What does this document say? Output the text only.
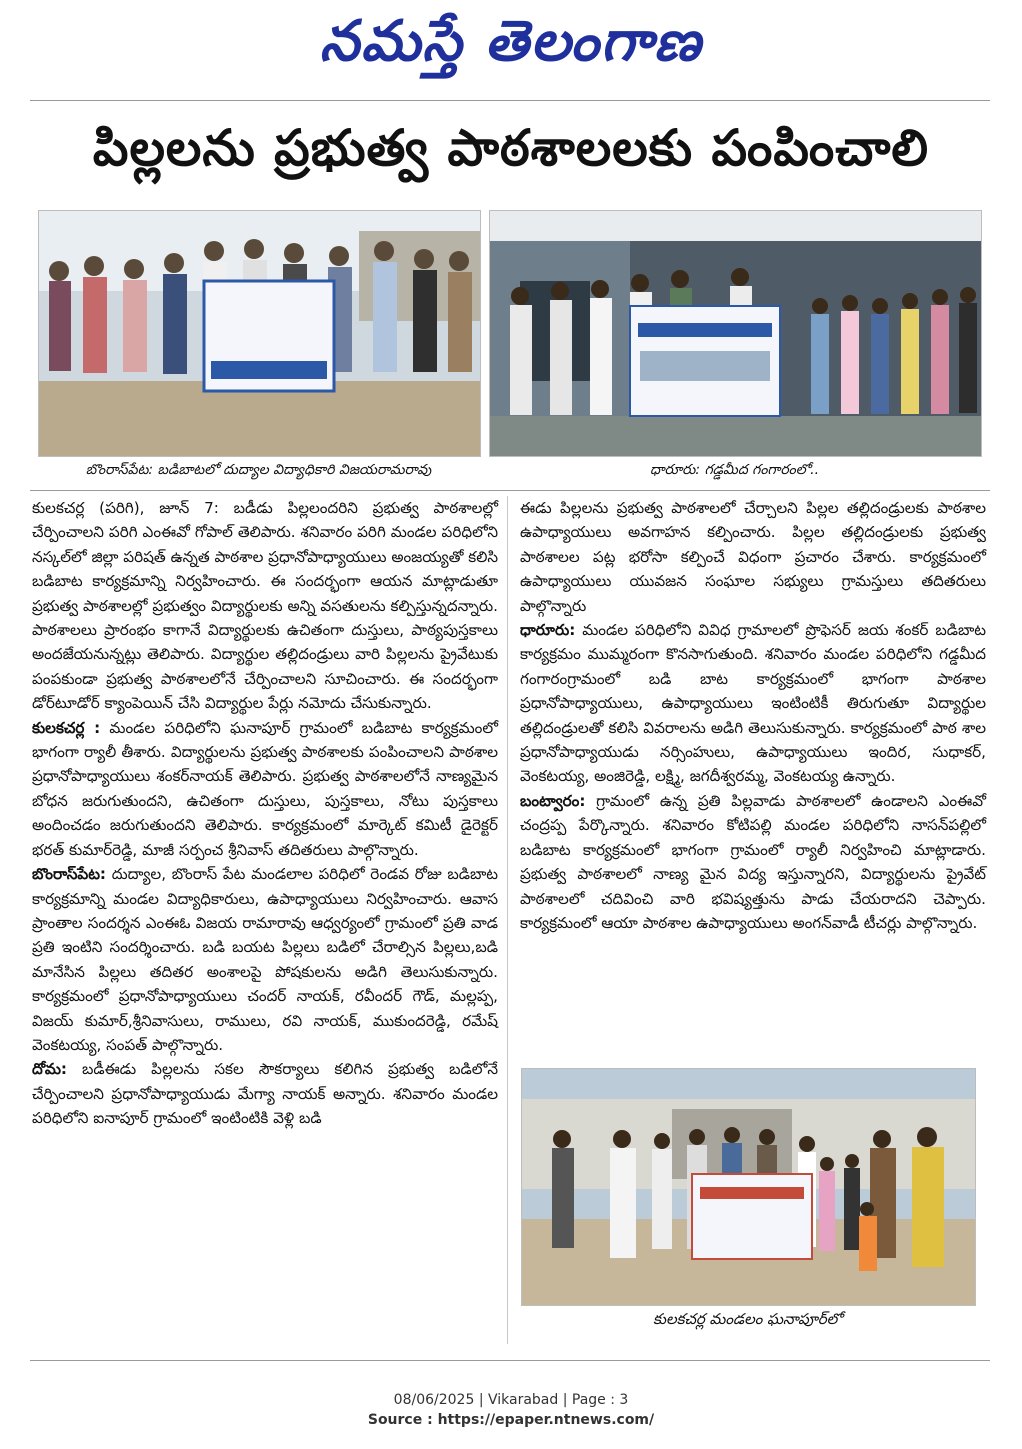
నమస్తే తెలంగాణ
పిల్లలను ప్రభుత్వ పాఠశాలలకు పంపించాలి
బొంరాస్‌పేట: బడిబాటలో దుద్యాల విద్యాధికారి విజయరామరావు	ధారూరు: గడ్డమీద గంగారంలో..

కులకచర్ల (పరిగి), జూన్ 7: బడీడు పిల్లలందరిని ప్రభుత్వ పాఠశాలల్లో చేర్పించాలని పరిగి ఎంఈవో గోపాల్ తెలిపారు. శనివారం పరిగి మండల పరిధిలోని నస్కల్‌లో జిల్లా పరిషత్ ఉన్నత పాఠశాల ప్రధానోపాధ్యాయులు అంజయ్యతో కలిసి బడిబాట కార్యక్రమాన్ని నిర్వహించారు. ఈ సందర్భంగా ఆయన మాట్లాడుతూ ప్రభుత్వ పాఠశాలల్లో ప్రభుత్వం విద్యార్థులకు అన్ని వసతులను కల్పిస్తున్నదన్నారు. పాఠశాలలు ప్రారంభం కాగానే విద్యార్థులకు ఉచితంగా దుస్తులు, పాఠ్యపుస్తకాలు అందజేయనున్నట్లు తెలిపారు. విద్యార్థుల తల్లిదండ్రులు వారి పిల్లలను ప్రైవేటుకు పంపకుండా ప్రభుత్వ పాఠశాలలోనే చేర్పించాలని సూచించారు. ఈ సందర్భంగా డోర్‌టూడోర్ క్యాంపెయిన్ చేసి విద్యార్థుల పేర్లు నమోదు చేసుకున్నారు.

కులకచర్ల : మండల పరిధిలోని ఘనాపూర్ గ్రామంలో బడిబాట కార్యక్రమంలో భాగంగా ర్యాలీ తీశారు. విద్యార్థులను ప్రభుత్వ పాఠశాలకు పంపించాలని పాఠశాల ప్రధానోపాధ్యాయులు శంకర్‌నాయక్ తెలిపారు. ప్రభుత్వ పాఠశాలలోనే నాణ్యమైన బోధన జరుగుతుందని, ఉచితంగా దుస్తులు, పుస్తకాలు, నోటు పుస్తకాలు అందించడం జరుగుతుందని తెలిపారు. కార్యక్రమంలో మార్కెట్ కమిటీ డైరెక్టర్ భరత్ కుమార్‌రెడ్డి, మాజీ సర్పంచ శ్రీనివాస్ తదితరులు పాల్గొన్నారు.

బొంరాస్‌పేట: దుద్యాల, బొంరాస్ పేట మండలాల పరిధిలో రెండవ రోజు బడిబాట కార్యక్రమాన్ని మండల విద్యాధికారులు, ఉపాధ్యాయులు నిర్వహించారు. ఆవాస ప్రాంతాల సందర్శన ఎంఈఓ విజయ రామారావు ఆధ్వర్యంలో గ్రామంలో ప్రతి వాడ ప్రతి ఇంటిని సందర్శించారు. బడి బయట పిల్లలు బడిలో చేరాల్సిన పిల్లలు,బడి మానేసిన పిల్లలు తదితర అంశాలపై పోషకులను అడిగి తెలుసుకున్నారు. కార్యక్రమంలో ప్రధానోపాధ్యాయులు చందర్ నాయక్, రవీందర్ గౌడ్, మల్లప్ప, విజయ్ కుమార్,శ్రీనివాసులు, రాములు, రవి నాయక్, ముకుందరెడ్డి, రమేష్ వెంకటయ్య, సంపత్ పాల్గొన్నారు.

దోమ: బడీఈడు పిల్లలను సకల సౌకర్యాలు కలిగిన ప్రభుత్వ బడిలోనే చేర్పించాలని ప్రధానోపాధ్యాయుడు మేగ్యా నాయక్ అన్నారు. శనివారం మండల పరిధిలోని ఐనాపూర్ గ్రామంలో ఇంటింటికి వెళ్లి బడి

ఈడు పిల్లలను ప్రభుత్వ పాఠశాలలో చేర్చాలని పిల్లల తల్లిదండ్రులకు పాఠశాల ఉపాధ్యాయులు అవగాహన కల్పించారు. పిల్లల తల్లిదండ్రులకు ప్రభుత్వ పాఠశాలల పట్ల భరోసా కల్పించే విధంగా ప్రచారం చేశారు. కార్యక్రమంలో ఉపాధ్యాయులు యువజన సంఘాల సభ్యులు గ్రామస్తులు తదితరులు పాల్గొన్నారు

ధారూరు: మండల పరిధిలోని వివిధ గ్రామాలలో ప్రొఫెసర్ జయ శంకర్ బడిబాట కార్యక్రమం ముమ్మరంగా కొనసాగుతుంది. శనివారం మండల పరిధిలోని గడ్డమీద గంగారంగ్రామంలో బడి బాట కార్యక్రమంలో భాగంగా పాఠశాల ప్రధానోపాధ్యాయులు, ఉపాధ్యాయులు ఇంటింటికీ తిరుగుతూ విద్యార్థుల తల్లిదండ్రులతో కలిసి వివరాలను అడిగి తెలుసుకున్నారు. కార్యక్రమంలో పాఠ శాల ప్రధానోపాధ్యాయుడు నర్సింహులు, ఉపాధ్యాయులు ఇందిర, సుధాకర్, వెంకటయ్య, అంజిరెడ్డి, లక్ష్మి, జగదీశ్వరమ్మ, వెంకటయ్య ఉన్నారు.

బంట్వారం: గ్రామంలో ఉన్న ప్రతి పిల్లవాడు పాఠశాలలో ఉండాలని ఎంఈవో చంద్రప్ప పేర్కొన్నారు. శనివారం కోటిపల్లి మండల పరిధిలోని నాసన్‌పల్లిలో బడిబాట కార్యక్రమంలో భాగంగా గ్రామంలో ర్యాలీ నిర్వహించి మాట్లాడారు. ప్రభుత్వ పాఠశాలలో నాణ్య మైన విద్య ఇస్తున్నారని, విద్యార్థులను ప్రైవేట్ పాఠశాలలో చదివించి వారి భవిష్యత్తును పాడు చేయరాదని చెప్పారు. కార్యక్రమంలో ఆయా పాఠశాల ఉపాధ్యాయులు అంగన్‌వాడీ టీచర్లు పాల్గొన్నారు.

కులకచర్ల మండలం ఘనాపూర్‌లో
08/06/2025 | Vikarabad | Page : 3
Source : https://epaper.ntnews.com/
